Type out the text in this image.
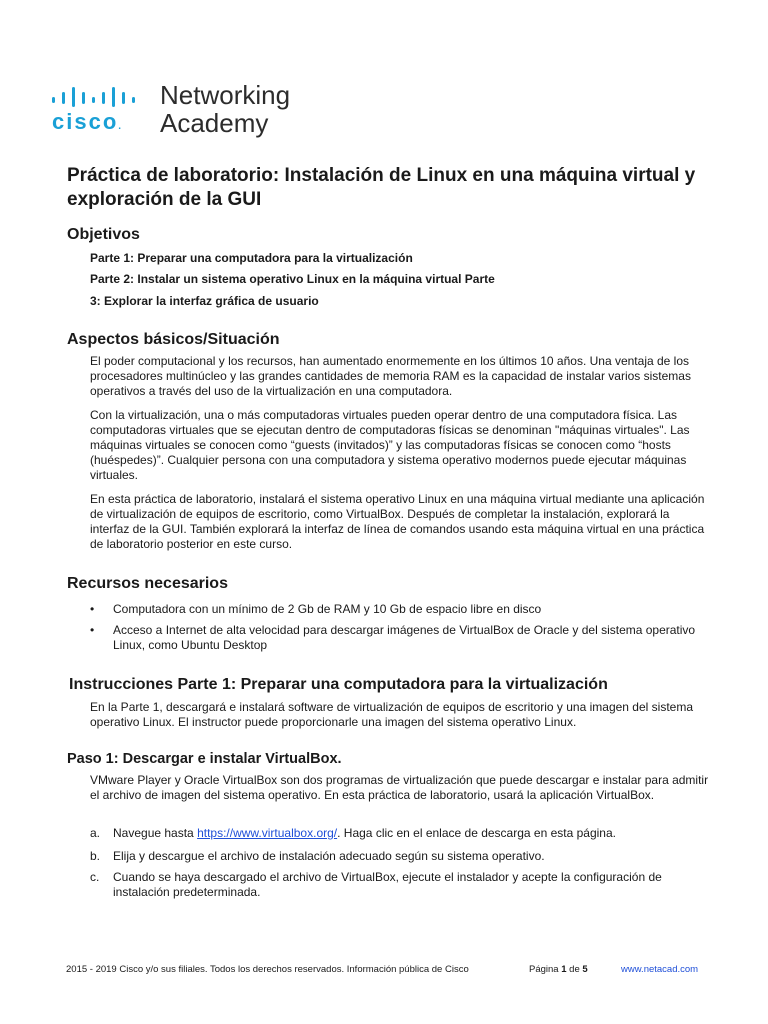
cisco.
Networking
Academy
Práctica de laboratorio: Instalación de Linux en una máquina virtual y exploración de la GUI
Objetivos

Parte 1: Preparar una computadora para la virtualización

Parte 2: Instalar un sistema operativo Linux en la máquina virtual Parte

3: Explorar la interfaz gráfica de usuario

Aspectos básicos/Situación

El poder computacional y los recursos, han aumentado enormemente en los últimos 10 años. Una ventaja de los procesadores multinúcleo y las grandes cantidades de memoria RAM es la capacidad de instalar varios sistemas operativos a través del uso de la virtualización en una computadora.

Con la virtualización, una o más computadoras virtuales pueden operar dentro de una computadora física. Las computadoras virtuales que se ejecutan dentro de computadoras físicas se denominan "máquinas virtuales". Las máquinas virtuales se conocen como “guests (invitados)” y las computadoras físicas se conocen como “hosts (huéspedes)”. Cualquier persona con una computadora y sistema operativo modernos puede ejecutar máquinas virtuales.

En esta práctica de laboratorio, instalará el sistema operativo Linux en una máquina virtual mediante una aplicación de virtualización de equipos de escritorio, como VirtualBox. Después de completar la instalación, explorará la interfaz de la GUI. También explorará la interfaz de línea de comandos usando esta máquina virtual en una práctica de laboratorio posterior en este curso.

Recursos necesarios
• Computadora con un mínimo de 2 Gb de RAM y 10 Gb de espacio libre en disco
• Acceso a Internet de alta velocidad para descargar imágenes de VirtualBox de Oracle y del sistema operativo Linux, como Ubuntu Desktop
Instrucciones Parte 1: Preparar una computadora para la virtualización

En la Parte 1, descargará e instalará software de virtualización de equipos de escritorio y una imagen del sistema operativo Linux. El instructor puede proporcionarle una imagen del sistema operativo Linux.

Paso 1: Descargar e instalar VirtualBox.

VMware Player y Oracle VirtualBox son dos programas de virtualización que puede descargar e instalar para admitir el archivo de imagen del sistema operativo. En esta práctica de laboratorio, usará la aplicación VirtualBox.

a. Navegue hasta https://www.virtualbox.org/. Haga clic en el enlace de descarga en esta página.
b. Elija y descargue el archivo de instalación adecuado según su sistema operativo.
c. Cuando se haya descargado el archivo de VirtualBox, ejecute el instalador y acepte la configuración de instalación predeterminada.
2015 - 2019 Cisco y/o sus filiales. Todos los derechos reservados. Información pública de Cisco	Página 1 de 5	www.netacad.com
